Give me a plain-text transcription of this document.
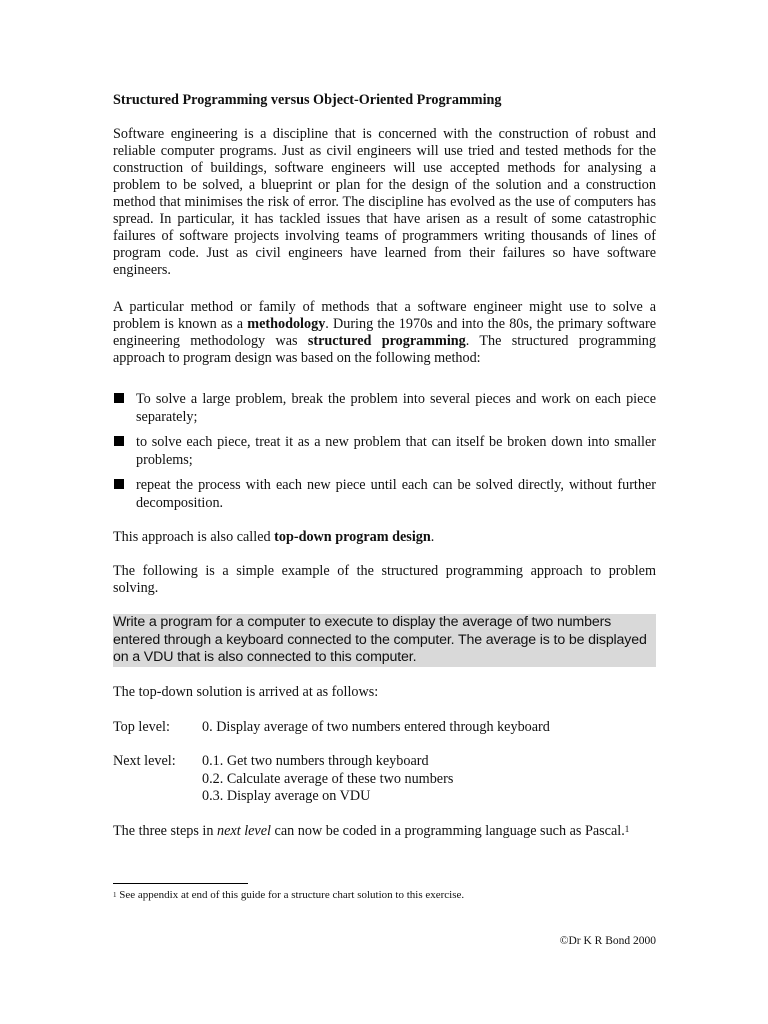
Structured Programming versus Object-Oriented Programming
Software engineering is a discipline that is concerned with the construction of robust and reliable computer programs. Just as civil engineers will use tried and tested methods for the construction of buildings, software engineers will use accepted methods for analysing a problem to be solved, a blueprint or plan for the design of the solution and a construction method that minimises the risk of error. The discipline has evolved as the use of computers has spread. In particular, it has tackled issues that have arisen as a result of some catastrophic failures of software projects involving teams of programmers writing thousands of lines of program code. Just as civil engineers have learned from their failures so have software engineers.
A particular method or family of methods that a software engineer might use to solve a problem is known as a methodology. During the 1970s and into the 80s, the primary software engineering methodology was structured programming. The structured programming approach to program design was based on the following method:
To solve a large problem, break the problem into several pieces and work on each piece separately;
to solve each piece, treat it as a new problem that can itself be broken down into smaller problems;
repeat the process with each new piece until each can be solved directly, without further decomposition.
This approach is also called top-down program design.
The following is a simple example of the structured programming approach to problem solving.
Write a program for a computer to execute to display the average of two numbers entered through a keyboard connected to the computer. The average is to be displayed on a VDU that is also connected to this computer.
The top-down solution is arrived at as follows:
Top level: 0. Display average of two numbers entered through keyboard
Next level: 0.1. Get two numbers through keyboard
0.2. Calculate average of these two numbers
0.3. Display average on VDU
The three steps in next level can now be coded in a programming language such as Pascal.$^1$
$^1$ See appendix at end of this guide for a structure chart solution to this exercise.
©Dr K R Bond 2000
